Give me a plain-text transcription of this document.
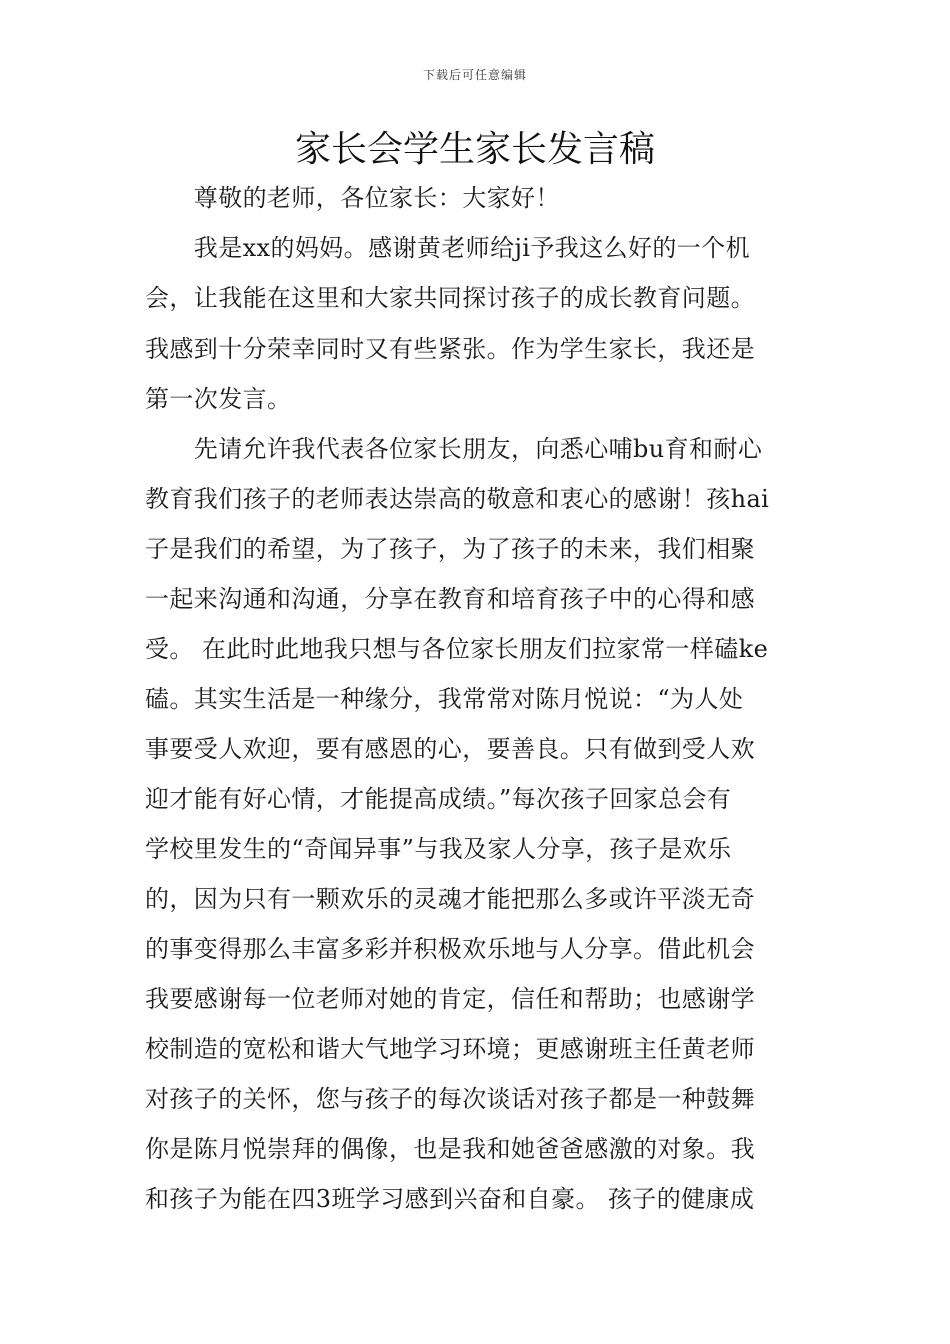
下载后可任意编辑
家长会学生家长发言稿
　　尊敬的老师，各位家长：大家好！
　　我是xx的妈妈。感谢黄老师给ji予我这么好的一个机
会，让我能在这里和大家共同探讨孩子的成长教育问题。
我感到十分荣幸同时又有些紧张。作为学生家长，我还是
第一次发言。
　　先请允许我代表各位家长朋友，向悉心哺bu育和耐心
教育我们孩子的老师表达崇高的敬意和衷心的感谢！孩hai
子是我们的希望，为了孩子，为了孩子的未来，我们相聚
一起来沟通和沟通，分享在教育和培育孩子中的心得和感
受。 在此时此地我只想与各位家长朋友们拉家常一样磕ke
磕。其实生活是一种缘分，我常常对陈月悦说：“为人处
事要受人欢迎，要有感恩的心，要善良。只有做到受人欢
迎才能有好心情，才能提高成绩。”每次孩子回家总会有
学校里发生的“奇闻异事”与我及家人分享，孩子是欢乐
的，因为只有一颗欢乐的灵魂才能把那么多或许平淡无奇
的事变得那么丰富多彩并积极欢乐地与人分享。借此机会
我要感谢每一位老师对她的肯定，信任和帮助；也感谢学
校制造的宽松和谐大气地学习环境；更感谢班主任黄老师
对孩子的关怀，您与孩子的每次谈话对孩子都是一种鼓舞
你是陈月悦崇拜的偶像，也是我和她爸爸感激的对象。我
和孩子为能在四3班学习感到兴奋和自豪。 孩子的健康成
